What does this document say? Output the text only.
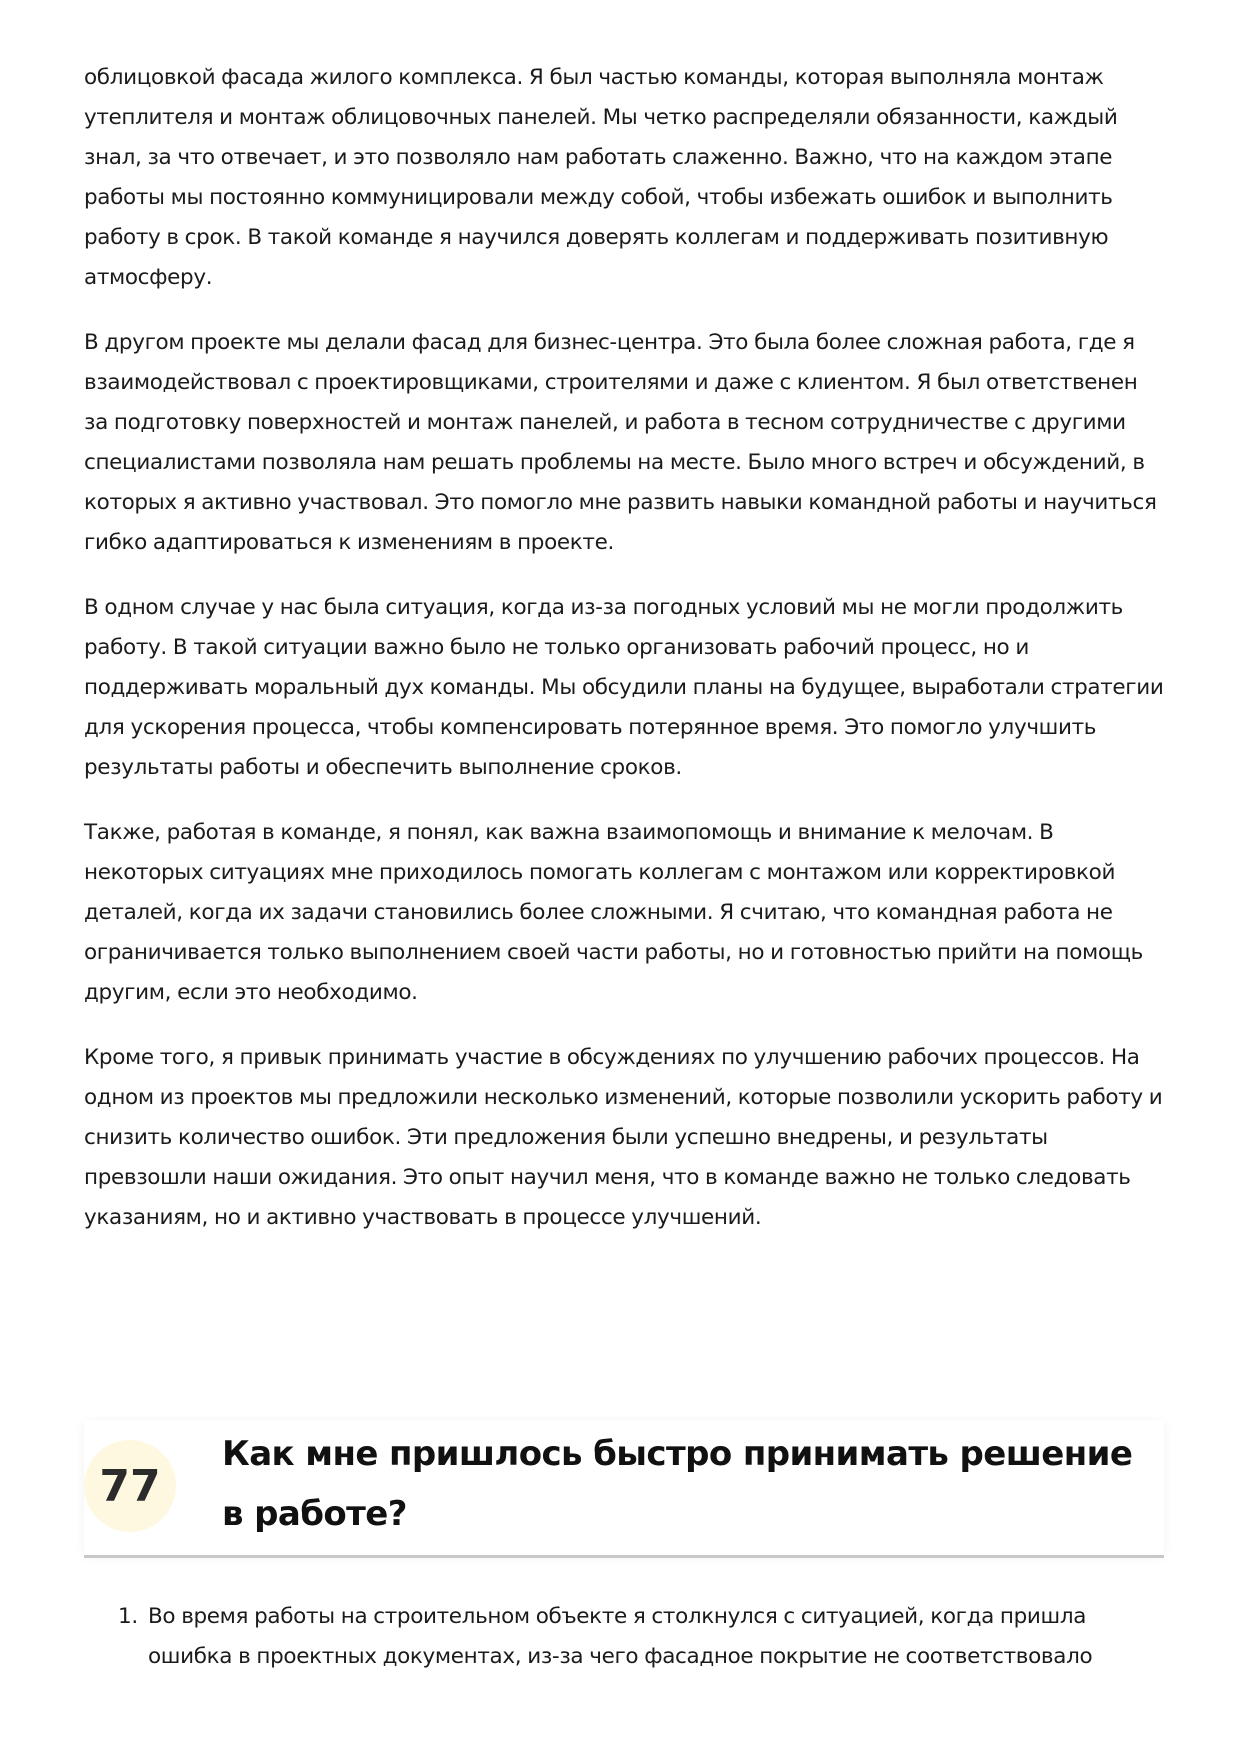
облицовкой фасада жилого комплекса. Я был частью команды, которая выполняла монтаж утеплителя и монтаж облицовочных панелей. Мы четко распределяли обязанности, каждый знал, за что отвечает, и это позволяло нам работать слаженно. Важно, что на каждом этапе работы мы постоянно коммуницировали между собой, чтобы избежать ошибок и выполнить работу в срок. В такой команде я научился доверять коллегам и поддерживать позитивную атмосферу.

В другом проекте мы делали фасад для бизнес-центра. Это была более сложная работа, где я взаимодействовал с проектировщиками, строителями и даже с клиентом. Я был ответственен за подготовку поверхностей и монтаж панелей, и работа в тесном сотрудничестве с другими специалистами позволяла нам решать проблемы на месте. Было много встреч и обсуждений, в которых я активно участвовал. Это помогло мне развить навыки командной работы и научиться гибко адаптироваться к изменениям в проекте.

В одном случае у нас была ситуация, когда из-за погодных условий мы не могли продолжить работу. В такой ситуации важно было не только организовать рабочий процесс, но и поддерживать моральный дух команды. Мы обсудили планы на будущее, выработали стратегии для ускорения процесса, чтобы компенсировать потерянное время. Это помогло улучшить результаты работы и обеспечить выполнение сроков.

Также, работая в команде, я понял, как важна взаимопомощь и внимание к мелочам. В некоторых ситуациях мне приходилось помогать коллегам с монтажом или корректировкой деталей, когда их задачи становились более сложными. Я считаю, что командная работа не ограничивается только выполнением своей части работы, но и готовностью прийти на помощь другим, если это необходимо.

Кроме того, я привык принимать участие в обсуждениях по улучшению рабочих процессов. На одном из проектов мы предложили несколько изменений, которые позволили ускорить работу и снизить количество ошибок. Эти предложения были успешно внедрены, и результаты превзошли наши ожидания. Это опыт научил меня, что в команде важно не только следовать указаниям, но и активно участвовать в процессе улучшений.

77
Как мне пришлось быстро принимать решение в работе?
1. Во время работы на строительном объекте я столкнулся с ситуацией, когда пришла ошибка в проектных документах, из-за чего фасадное покрытие не соответствовало
